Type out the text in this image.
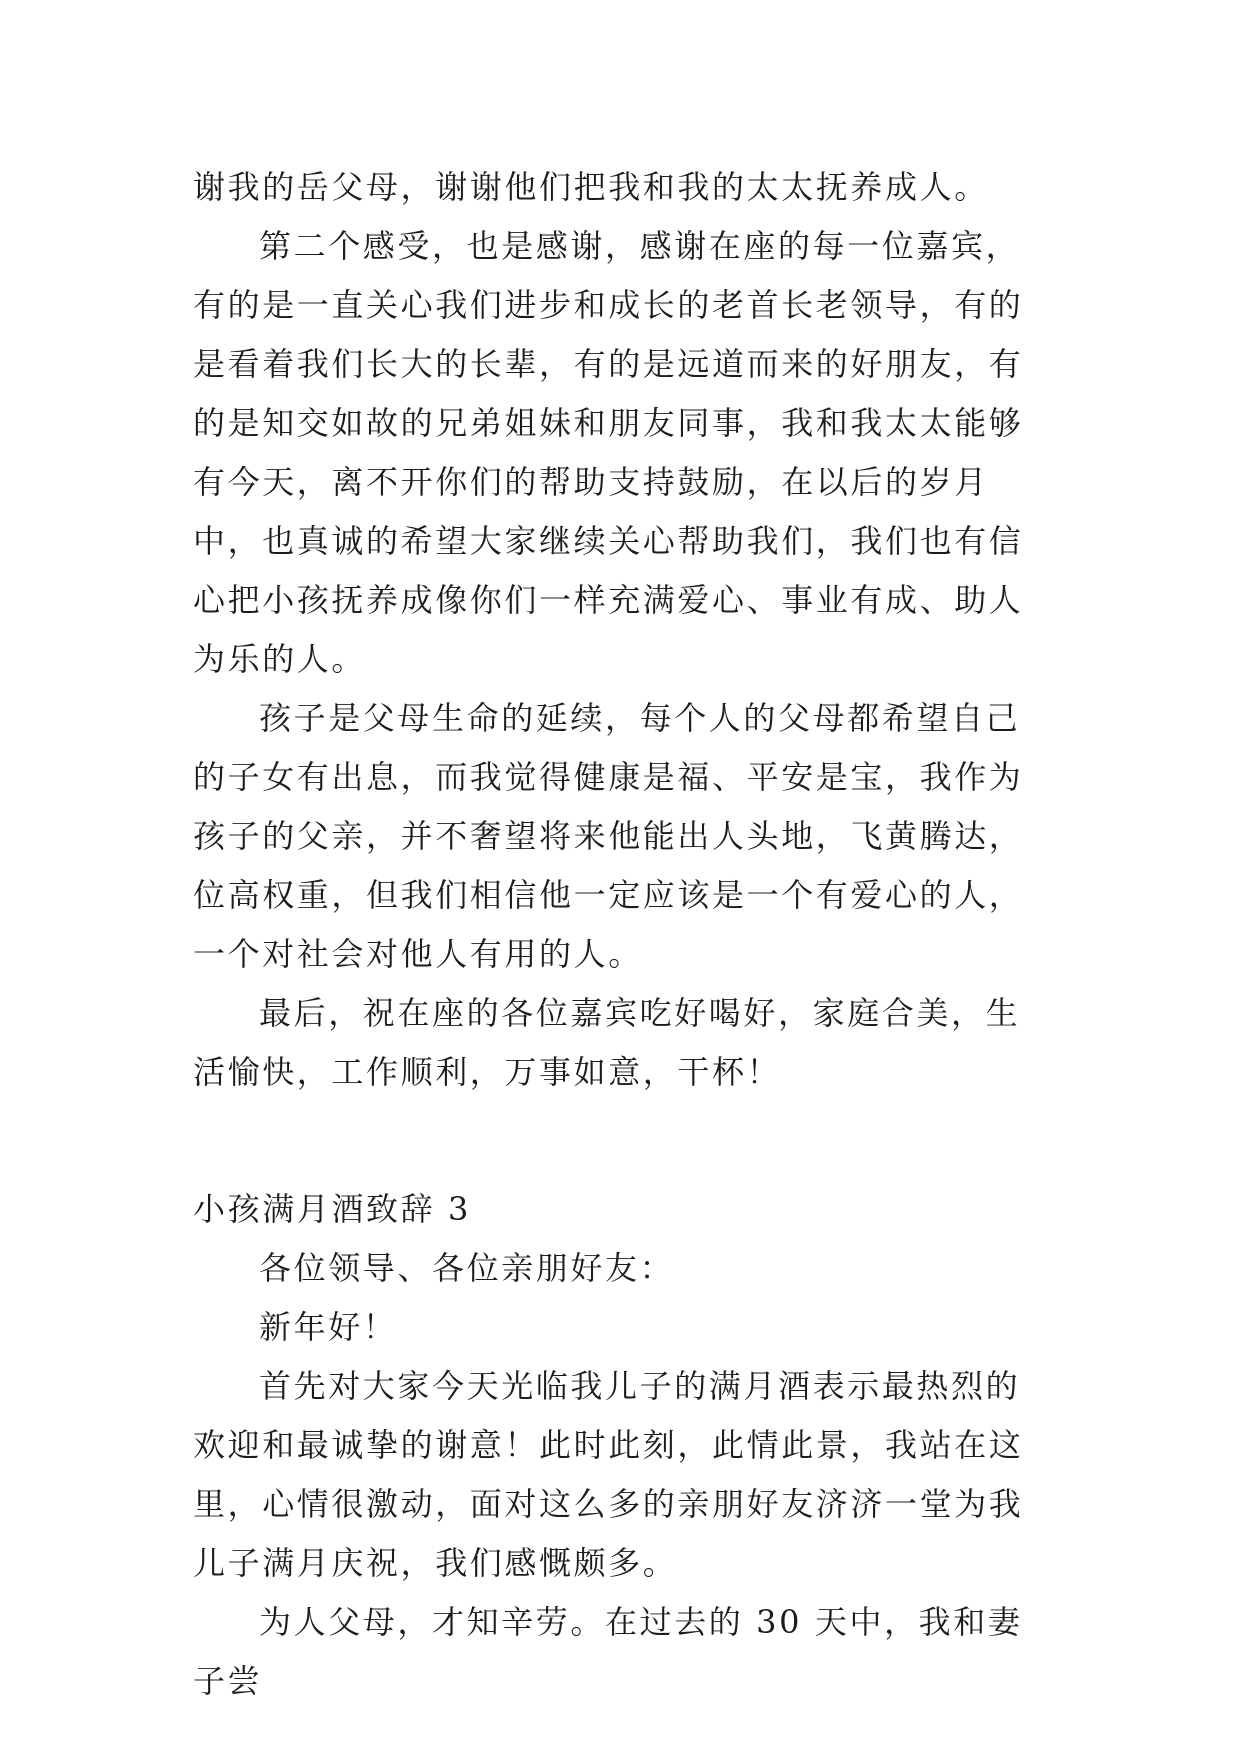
谢我的岳父母，谢谢他们把我和我的太太抚养成人。

第二个感受，也是感谢，感谢在座的每一位嘉宾，有的是一直关心我们进步和成长的老首长老领导，有的是看着我们长大的长辈，有的是远道而来的好朋友，有的是知交如故的兄弟姐妹和朋友同事，我和我太太能够有今天，离不开你们的帮助支持鼓励，在以后的岁月中，也真诚的希望大家继续关心帮助我们，我们也有信心把小孩抚养成像你们一样充满爱心、事业有成、助人为乐的人。

孩子是父母生命的延续，每个人的父母都希望自己的子女有出息，而我觉得健康是福、平安是宝，我作为孩子的父亲，并不奢望将来他能出人头地，飞黄腾达，位高权重，但我们相信他一定应该是一个有爱心的人，一个对社会对他人有用的人。

最后，祝在座的各位嘉宾吃好喝好，家庭合美，生活愉快，工作顺利，万事如意，干杯！

小孩满月酒致辞 3

各位领导、各位亲朋好友：

新年好！

首先对大家今天光临我儿子的满月酒表示最热烈的欢迎和最诚挚的谢意！此时此刻，此情此景，我站在这里，心情很激动，面对这么多的亲朋好友济济一堂为我儿子满月庆祝，我们感慨颇多。

为人父母，才知辛劳。在过去的 30 天中，我和妻子尝
